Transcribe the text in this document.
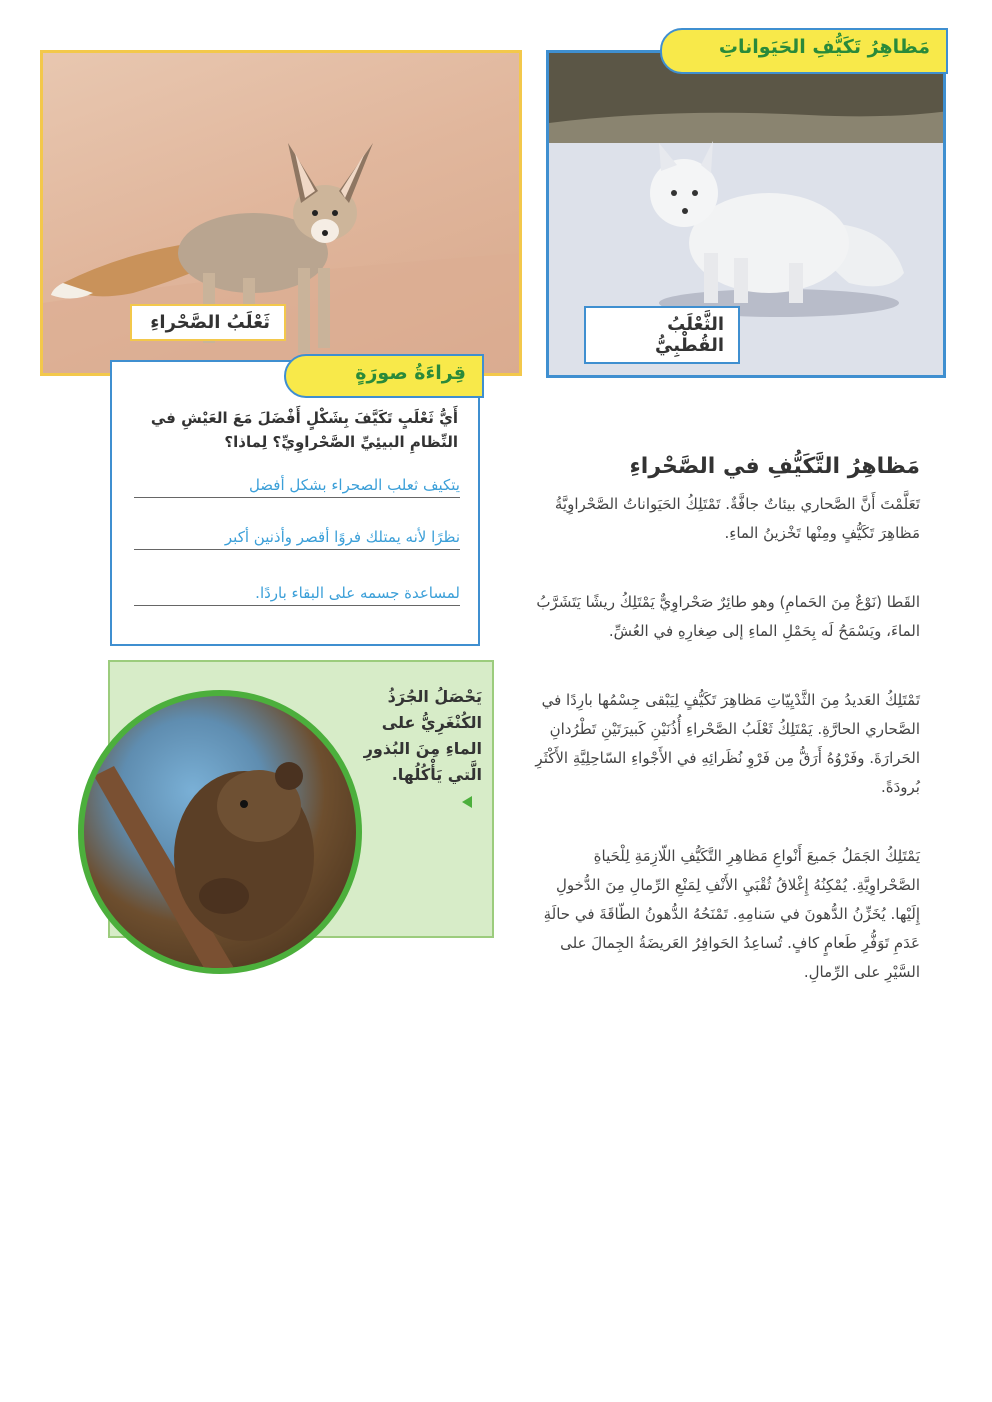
مَظاهِرُ تَكَيُّفِ الحَيَواناتِ
ثَعْلَبُ الصَّحْراءِ	الثَّعْلَبُ القُطْبِيُّ
قِراءَةُ صورَةٍ
أَيُّ ثَعْلَبٍ تَكَيَّفَ بِشَكْلٍ أَفْضَلَ مَعَ العَيْشِ في النِّظامِ البيئِيِّ الصَّحْراوِيِّ؟ لِماذا؟
يتكيف ثعلب الصحراء بشكل أفضل
نظرًا لأنه يمتلك فروًا أقصر وأذنين أكبر
لمساعدة جسمه على البقاء باردًا.
يَحْصَلُ الجُرَذُ الكُنْغَرِيُّ على الماءِ مِنَ البُذورِ الَّتي يَأْكُلُها.
مَظاهِرُ التَّكَيُّفِ في الصَّحْراءِ
تَعَلَّمْتَ أَنَّ الصَّحاري بيئاتٌ جافَّةٌ. تَمْتَلِكُ الحَيَواناتُ الصَّحْراوِيَّةُ مَظاهِرَ تَكَيُّفٍ ومِنْها تَخْزينُ الماءِ.
القَطا (نَوْعٌ مِنَ الحَمامِ) وهو طائِرٌ صَحْراوِيٌّ يَمْتَلِكُ ريشًا يَتَشَرَّبُ الماءَ، ويَسْمَحُ لَه بِحَمْلِ الماءِ إلى صِغارِهِ في العُشِّ.
تَمْتَلِكُ العَديدُ مِنَ الثَّدْيِيّاتِ مَظاهِرَ تَكَيُّفٍ لِيَبْقى جِسْمُها بارِدًا في الصَّحاري الحارَّةِ. يَمْتَلِكُ ثَعْلَبُ الصَّحْراءِ أُذُنَيْنِ كَبيرَتَيْنِ تَطْرُدانِ الحَرارَةَ. وفَرْوُهُ أَرَقُّ مِن فَرْوِ نُظَرائِهِ في الأَجْواءِ السّاحِلِيَّةِ الأَكْثَرِ بُرودَةً.
يَمْتَلِكُ الجَمَلُ جَميعَ أَنْواعِ مَظاهِرِ التَّكَيُّفِ اللّازِمَةِ لِلْحَياةِ الصَّحْراوِيَّةِ. يُمْكِنُهُ إِغْلاقُ ثُقْبَيِ الأَنْفِ لِمَنْعِ الرِّمالِ مِنَ الدُّخولِ إِلَيْها. يُخَزِّنُ الدُّهونَ في سَنامِهِ. تَمْنَحُهُ الدُّهونُ الطّاقَةَ في حالَةِ عَدَمِ تَوَفُّرِ طَعامٍ كافٍ. تُساعِدُ الحَوافِرُ العَريضَةُ الجِمالَ على السَّيْرِ على الرِّمالِ.
